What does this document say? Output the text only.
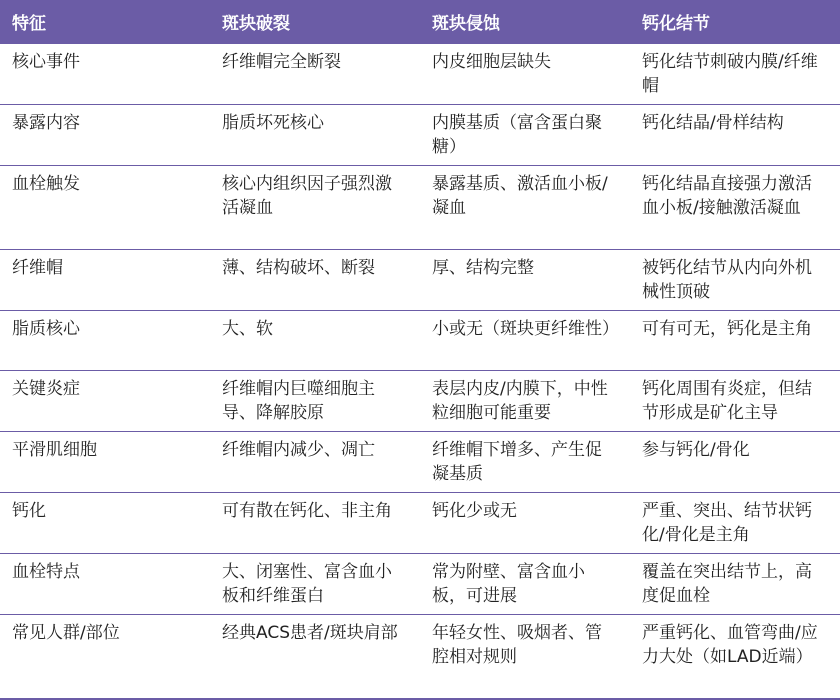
特征	斑块破裂	斑块侵蚀	钙化结节
核心事件	纤维帽完全断裂	内皮细胞层缺失	钙化结节刺破内膜/纤维帽
暴露内容	脂质坏死核心	内膜基质（富含蛋白聚糖）	钙化结晶/骨样结构
血栓触发	核心内组织因子强烈激活凝血	暴露基质、激活血小板/凝血	钙化结晶直接强力激活血小板/接触激活凝血
纤维帽	薄、结构破坏、断裂	厚、结构完整	被钙化结节从内向外机械性顶破
脂质核心	大、软	小或无（斑块更纤维性）	可有可无，钙化是主角
关键炎症	纤维帽内巨噬细胞主导、降解胶原	表层内皮/内膜下，中性粒细胞可能重要	钙化周围有炎症，但结节形成是矿化主导
平滑肌细胞	纤维帽内减少、凋亡	纤维帽下增多、产生促凝基质	参与钙化/骨化
钙化	可有散在钙化、非主角	钙化少或无	严重、突出、结节状钙化/骨化是主角
血栓特点	大、闭塞性、富含血小板和纤维蛋白	常为附壁、富含血小板，可进展	覆盖在突出结节上，高度促血栓
常见人群/部位	经典ACS患者/斑块肩部	年轻女性、吸烟者、管腔相对规则	严重钙化、血管弯曲/应力大处（如LAD近端）
